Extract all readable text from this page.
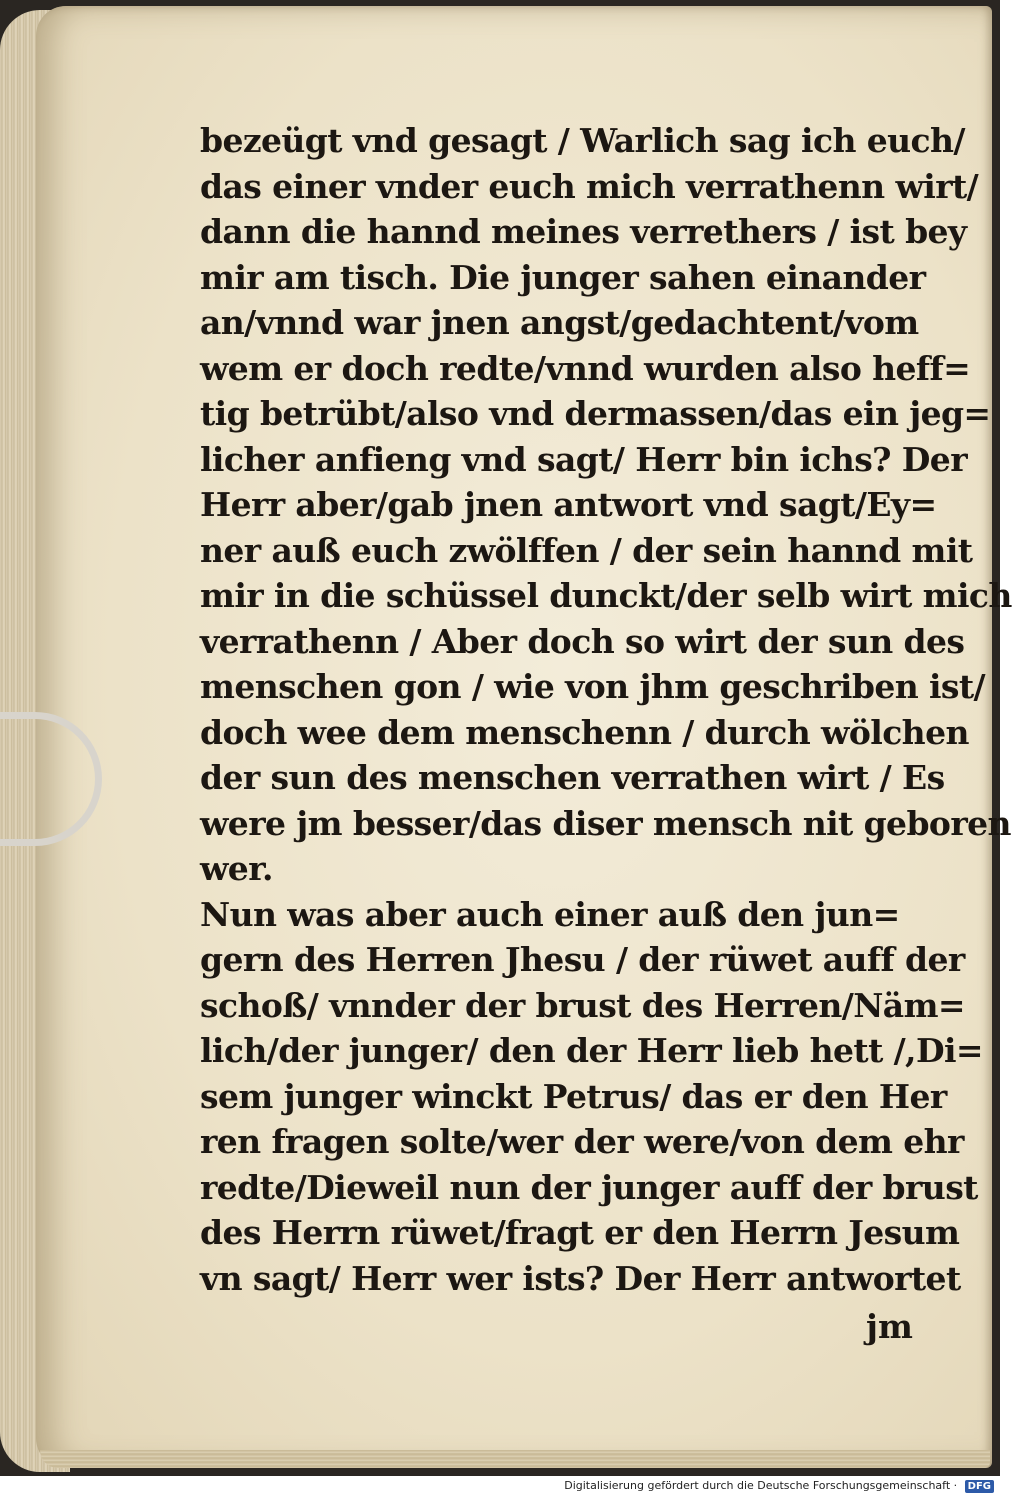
bezeügt vnd gesagt / Warlich sag ich euch/
das einer vnder euch mich verrathenn wirt/
dann die hannd meines verrethers / ist bey
mir am tisch. Die junger sahen einander
an/vnnd war jnen angst/gedachtent/vom
wem er doch redte/vnnd wurden also heff=
tig betrübt/also vnd dermassen/das ein jeg=
licher anfieng vnd sagt/ Herr bin ichs? Der
Herr aber/gab jnen antwort vnd sagt/Ey=
ner auß euch zwölffen / der sein hannd mit
mir in die schüssel dunckt/der selb wirt mich
verrathenn / Aber doch so wirt der sun des
menschen gon / wie von jhm geschriben ist/
doch wee dem menschenn / durch wölchen
der sun des menschen verrathen wirt / Es
were jm besser/das diser mensch nit geboren
wer.
Nun was aber auch einer auß den jun=
gern des Herren Jhesu / der rüwet auff der
schoß/ vnnder der brust des Herren/Näm=
lich/der junger/ den der Herr lieb hett /,Di=
sem junger winckt Petrus/ das er den Her
ren fragen solte/wer der were/von dem ehr
redte/Dieweil nun der junger auff der brust
des Herrn rüwet/fragt er den Herrn Jesum
vn sagt/ Herr wer ists? Der Herr antwortet
jm
Digitalisierung gefördert durch die Deutsche Forschungsgemeinschaft · DFG
